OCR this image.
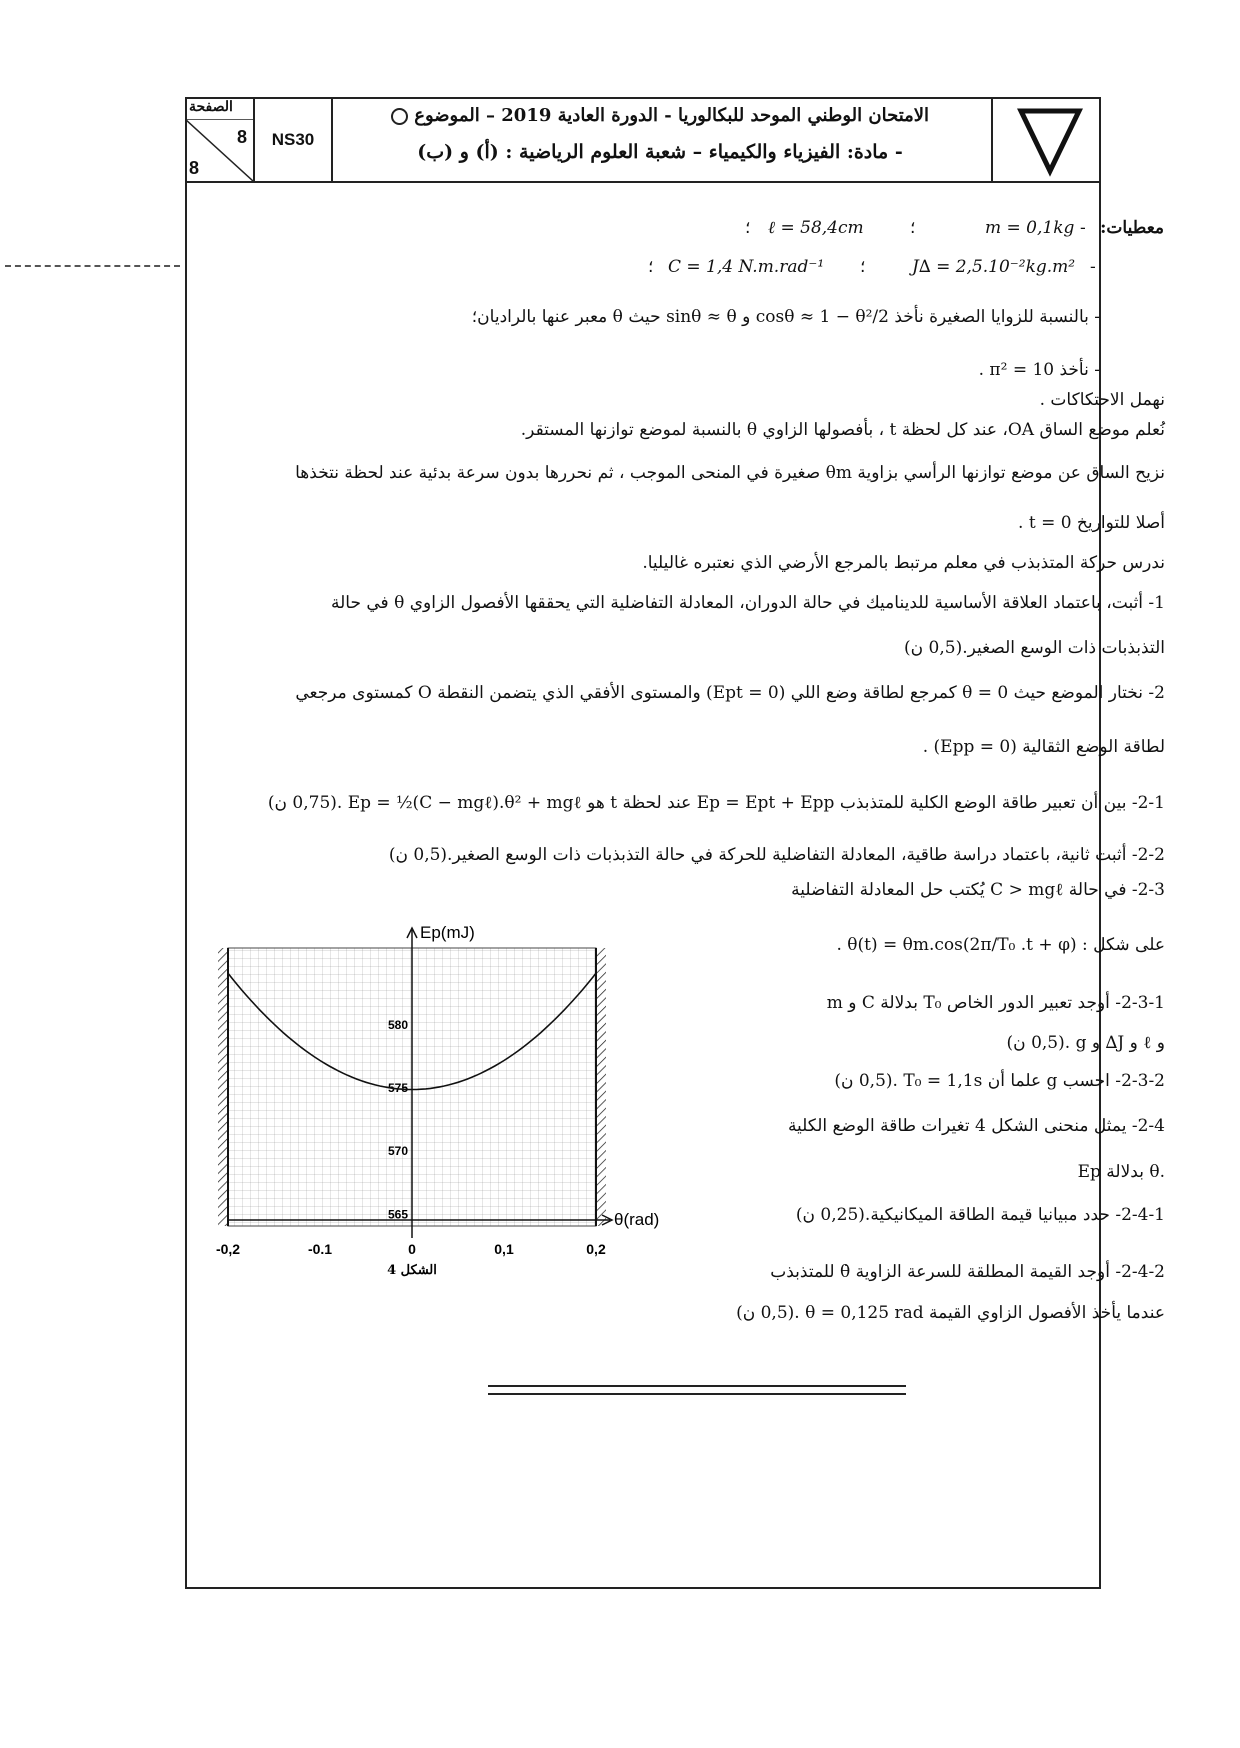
الصفحة
8
8
NS30
الامتحان الوطني الموحد للبكالوريا - الدورة العادية 2019 – الموضوع
- مادة: الفيزياء والكيمياء – شعبة العلوم الرياضية : (أ) و (ب)
معطيات:
m = 0,1kg -
؛
ℓ = 58,4cm
؛
J∆ = 2,5.10⁻²kg.m² -
؛
C = 1,4 N.m.rad⁻¹
؛
- بالنسبة للزوايا الصغيرة نأخذ cosθ ≈ 1 − θ²/2 و sinθ ≈ θ حيث θ معبر عنها بالراديان؛
- نأخذ π² = 10 .
نهمل الاحتكاكات .
نُعلم موضع الساق OA، عند كل لحظة t ، بأفصولها الزاوي θ بالنسبة لموضع توازنها المستقر.
نزيح الساق عن موضع توازنها الرأسي بزاوية θm صغيرة في المنحى الموجب ، ثم نحررها بدون سرعة بدئية عند لحظة نتخذها
أصلا للتواريخ t = 0 .
ندرس حركة المتذبذب في معلم مرتبط بالمرجع الأرضي الذي نعتبره غاليليا.
1- أثبت، باعتماد العلاقة الأساسية للديناميك في حالة الدوران، المعادلة التفاضلية التي يحققها الأفصول الزاوي θ في حالة
التذبذبات ذات الوسع الصغير.(0,5 ن)
2- نختار الموضع حيث θ = 0 كمرجع لطاقة وضع اللي (Ept = 0) والمستوى الأفقي الذي يتضمن النقطة O كمستوى مرجعي
لطاقة الوضع الثقالية (Epp = 0) .
2-1- بين أن تعبير طاقة الوضع الكلية للمتذبذب Ep = Ept + Epp عند لحظة t هو Ep = ½(C − mgℓ).θ² + mgℓ .(0,75 ن)
2-2- أثبت ثانية، باعتماد دراسة طاقية، المعادلة التفاضلية للحركة في حالة التذبذبات ذات الوسع الصغير.(0,5 ن)
2-3- في حالة C > mgℓ يُكتب حل المعادلة التفاضلية
على شكل : θ(t) = θm.cos(2π/T₀ .t + φ) .
2-3-1- أوجد تعبير الدور الخاص T₀ بدلالة C و m
و ℓ و J∆ و g .(0,5 ن)
2-3-2- احسب g علما أن T₀ = 1,1s .(0,5 ن)
2-4- يمثل منحنى الشكل 4 تغيرات طاقة الوضع الكلية
Ep بدلالة θ.
2-4-1- حدد مبيانيا قيمة الطاقة الميكانيكية.(0,25 ن)
2-4-2- أوجد القيمة المطلقة للسرعة الزاوية θ̇ للمتذبذب
عندما يأخذ الأفصول الزاوي القيمة θ = 0,125 rad .(0,5 ن)
Ep(mJ)
θ(rad)
565
570
575
580
-0,2	-0.1	0	0,1	0,2
الشكل 4
